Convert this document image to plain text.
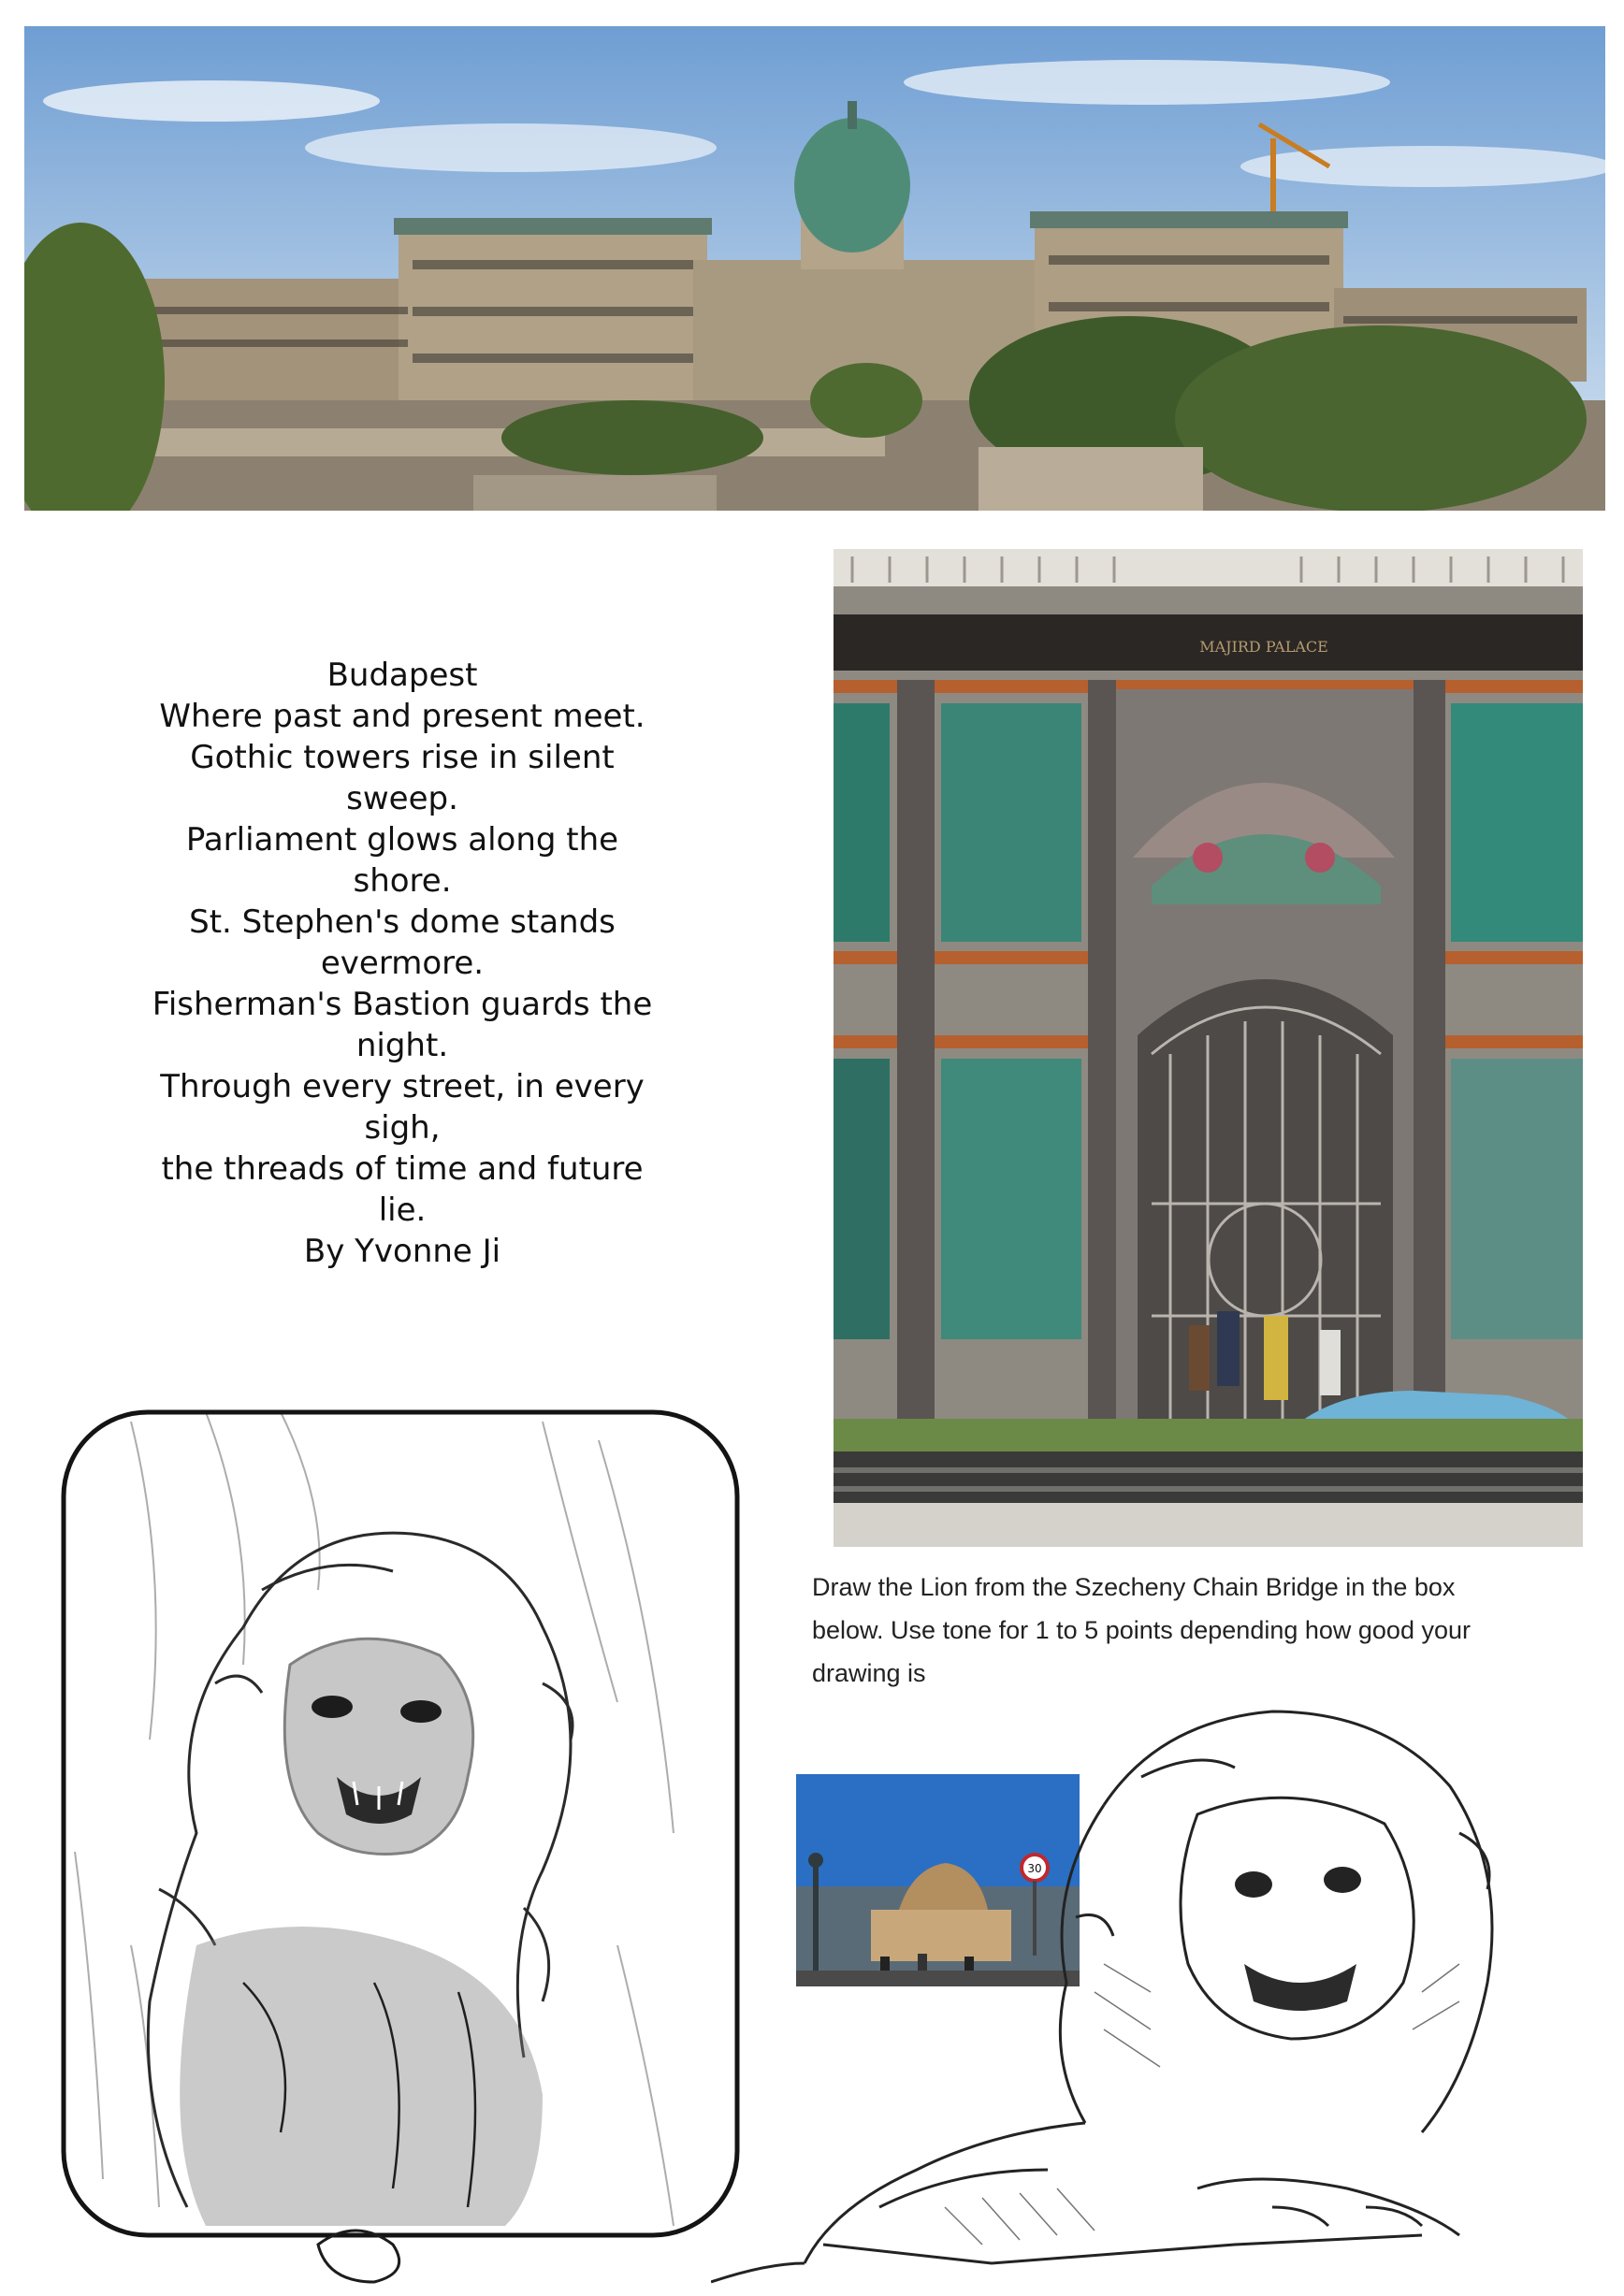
Budapest

Where past and present meet.

Gothic towers rise in silent

sweep.

Parliament glows along the

shore.

St. Stephen's dome stands

evermore.

Fisherman's Bastion guards the

night.

Through every street, in every

sigh,

the threads of time and future

lie.

By Yvonne Ji

MAJIRD PALACE
Draw the Lion from the Szecheny Chain Bridge in the box below. Use tone for 1 to 5 points depending how good your drawing is
30
